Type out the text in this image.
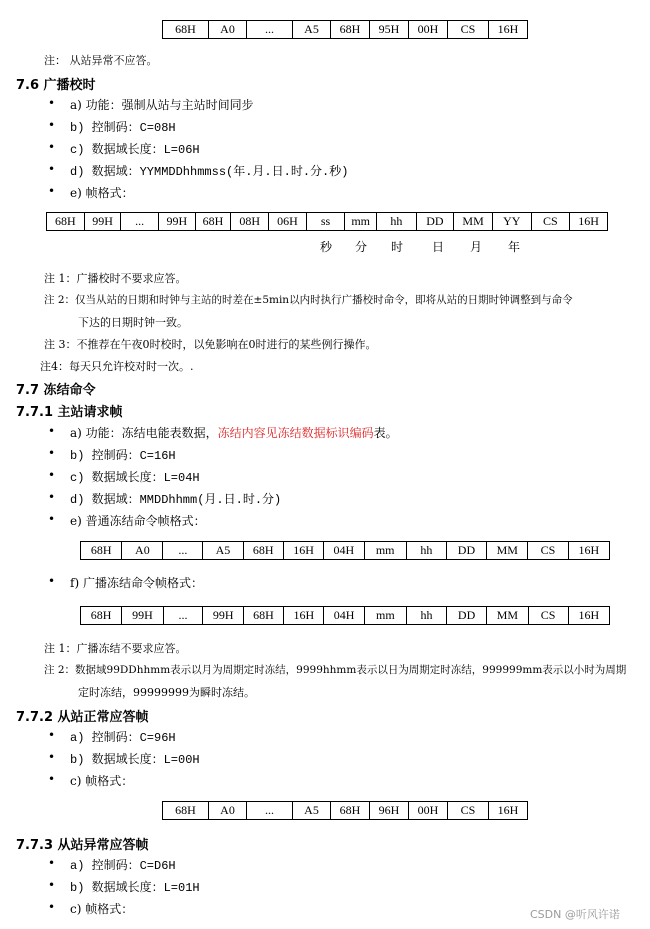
68H	A0	...	A5	68H	95H	00H	CS	16H
注： 从站异常不应答。
7.6 广播校时
• a) 功能：强制从站与主站时间同步
• b) 控制码：C=08H
• c) 数据域长度：L=06H
• d) 数据域：YYMMDDhhmmss(年.月.日.时.分.秒)
• e) 帧格式：
68H	99H	...	99H	68H	08H	06H	ss	mm	hh	DD	MM	YY	CS	16H
秒 分 时 日 月 年
注 1：广播校时不要求应答。
注 2：仅当从站的日期和时钟与主站的时差在±5min以内时执行广播校时命令，即将从站的日期时钟调整到与命令
下达的日期时钟一致。
注 3：不推荐在午夜0时校时，以免影响在0时进行的某些例行操作。
注4：每天只允许校对时一次。.
7.7 冻结命令
7.7.1 主站请求帧
• a) 功能：冻结电能表数据，冻结内容见冻结数据标识编码表。
• b) 控制码：C=16H
• c) 数据域长度：L=04H
• d) 数据域：MMDDhhmm(月.日.时.分)
• e) 普通冻结命令帧格式：
68H	A0	...	A5	68H	16H	04H	mm	hh	DD	MM	CS	16H
• f) 广播冻结命令帧格式：
68H	99H	...	99H	68H	16H	04H	mm	hh	DD	MM	CS	16H
注 1：广播冻结不要求应答。
注 2：数据域99DDhhmm表示以月为周期定时冻结，9999hhmm表示以日为周期定时冻结，999999mm表示以小时为周期
定时冻结，99999999为瞬时冻结。
7.7.2 从站正常应答帧
• a) 控制码：C=96H
• b) 数据域长度：L=00H
• c) 帧格式：
68H	A0	...	A5	68H	96H	00H	CS	16H
7.7.3 从站异常应答帧
• a) 控制码：C=D6H
• b) 数据域长度：L=01H
• c) 帧格式：	CSDN @听风许诺
